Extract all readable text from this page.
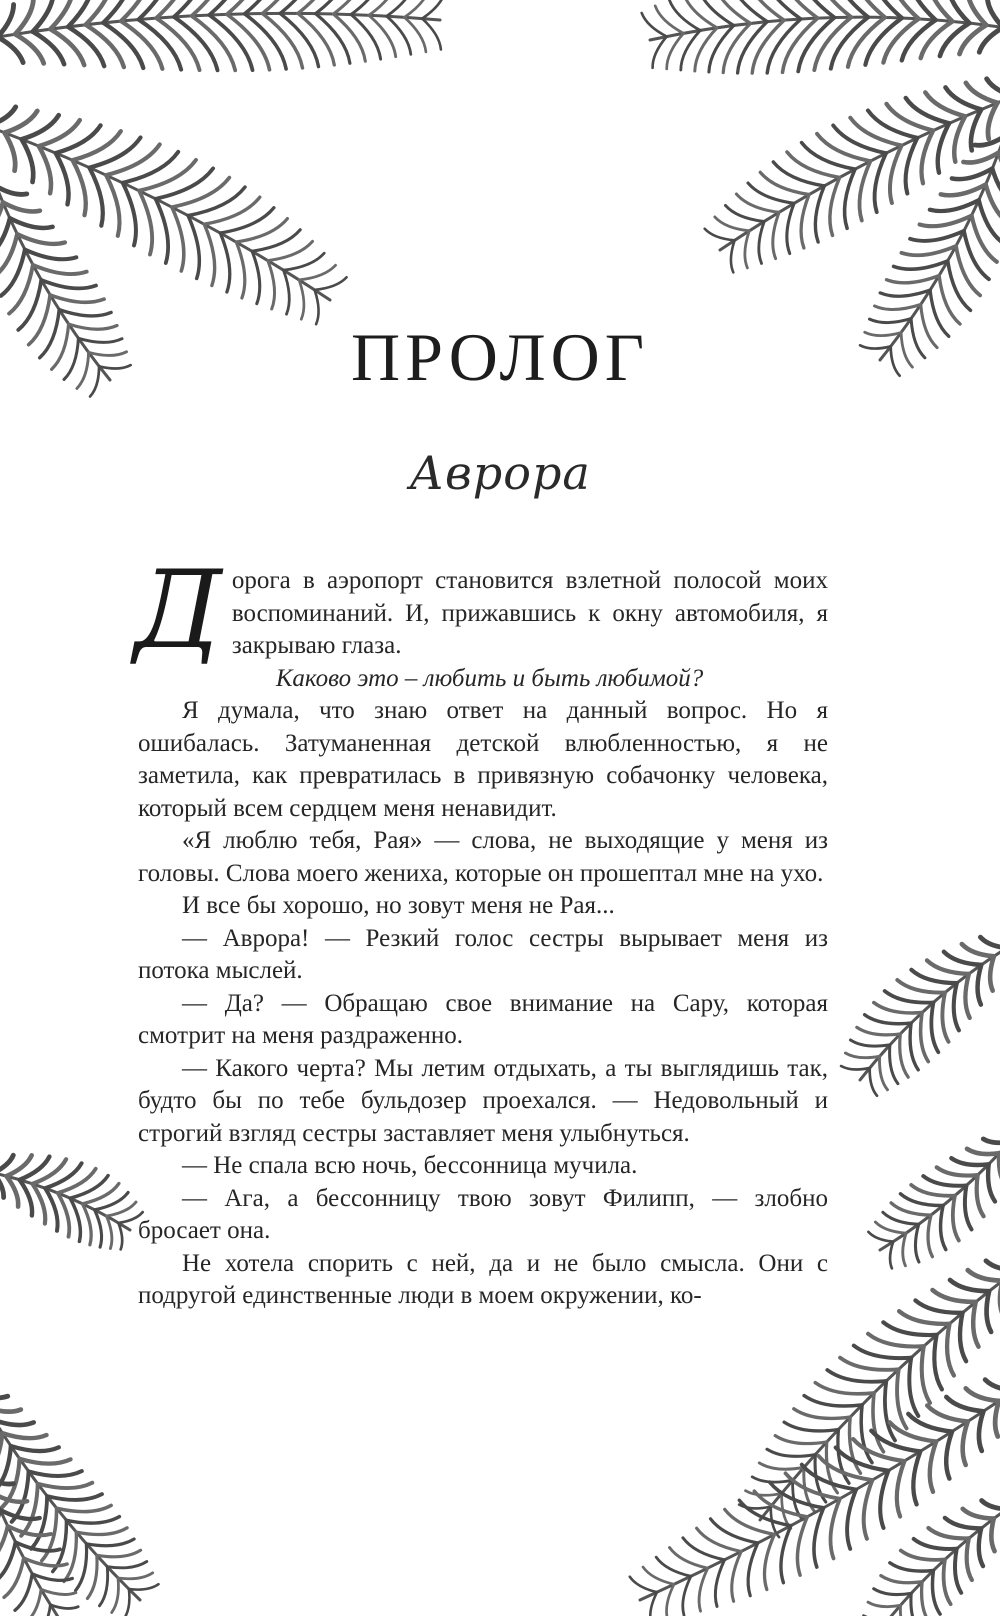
ПРОЛОГ
Аврора

Дорога в аэропорт становится взлетной полосой моих воспоминаний. И, прижавшись к окну автомобиля, я закрываю глаза.

Каково это – любить и быть любимой?

Я думала, что знаю ответ на данный вопрос. Но я ошибалась. Затуманенная детской влюбленностью, я не заметила, как превратилась в привязную собачонку человека, который всем сердцем меня ненавидит.

«Я люблю тебя, Рая» — слова, не выходящие у меня из головы. Слова моего жениха, которые он прошептал мне на ухо.

И все бы хорошо, но зовут меня не Рая...

— Аврора! — Резкий голос сестры вырывает меня из потока мыслей.

— Да? — Обращаю свое внимание на Сару, которая смотрит на меня раздраженно.

— Какого черта? Мы летим отдыхать, а ты выглядишь так, будто бы по тебе бульдозер проехался. — Недовольный и строгий взгляд сестры заставляет меня улыбнуться.

— Не спала всю ночь, бессонница мучила.

— Ага, а бессонницу твою зовут Филипп, — злобно бросает она.

Не хотела спорить с ней, да и не было смысла. Они с подругой единственные люди в моем окружении, ко-
